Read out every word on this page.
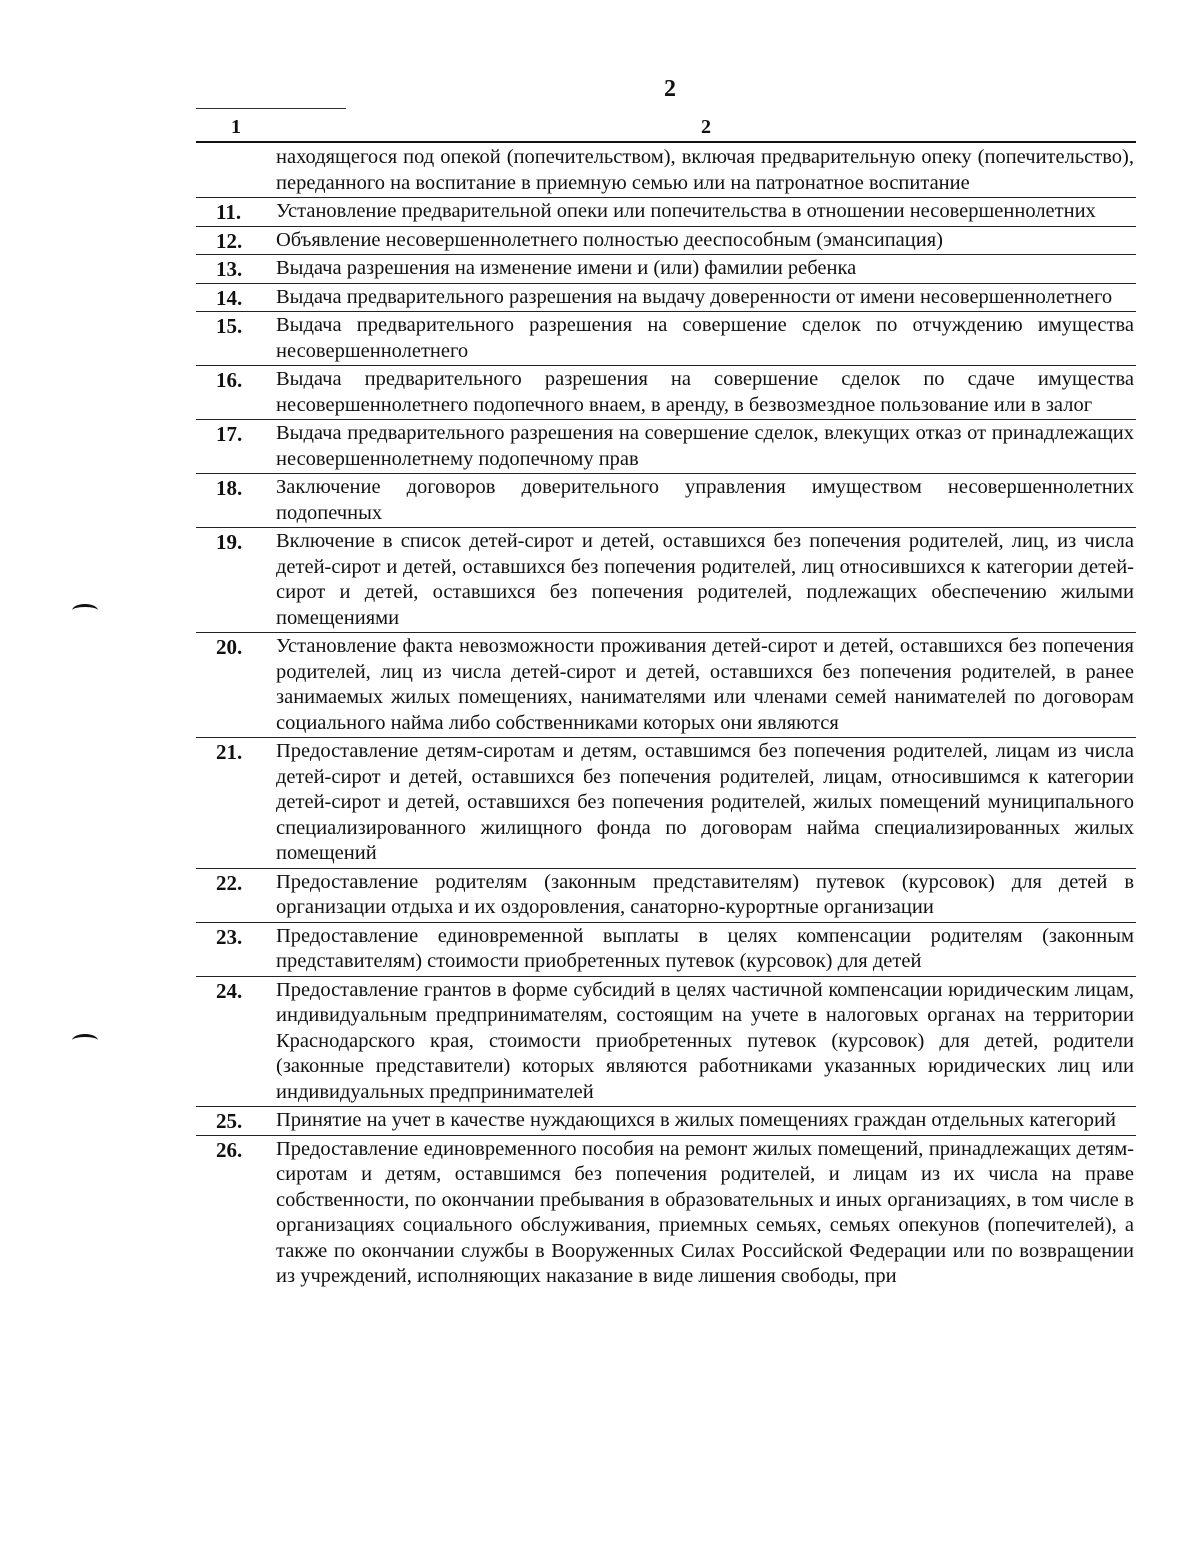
2
1	2
находящегося под опекой (попечительством), включая предварительную опеку (попечительство), переданного на воспитание в приемную семью или на патронатное воспитание
11.	Установление предварительной опеки или попечительства в отношении несовершеннолетних
12.	Объявление несовершеннолетнего полностью дееспособным (эмансипация)
13.	Выдача разрешения на изменение имени и (или) фамилии ребенка
14.	Выдача предварительного разрешения на выдачу доверенности от имени несовершеннолетнего
15.	Выдача предварительного разрешения на совершение сделок по отчуждению имущества несовершеннолетнего
16.	Выдача предварительного разрешения на совершение сделок по сдаче имущества несовершеннолетнего подопечного внаем, в аренду, в безвозмездное пользование или в залог
17.	Выдача предварительного разрешения на совершение сделок, влекущих отказ от принадлежащих несовершеннолетнему подопечному прав
18.	Заключение договоров доверительного управления имуществом несовершеннолетних подопечных
19.	Включение в список детей-сирот и детей, оставшихся без попечения родителей, лиц, из числа детей-сирот и детей, оставшихся без попечения родителей, лиц относившихся к категории детей-сирот и детей, оставшихся без попечения родителей, подлежащих обеспечению жилыми помещениями
20.	Установление факта невозможности проживания детей-сирот и детей, оставшихся без попечения родителей, лиц из числа детей-сирот и детей, оставшихся без попечения родителей, в ранее занимаемых жилых помещениях, нанимателями или членами семей нанимателей по договорам социального найма либо собственниками которых они являются
21.	Предоставление детям-сиротам и детям, оставшимся без попечения родителей, лицам из числа детей-сирот и детей, оставшихся без попечения родителей, лицам, относившимся к категории детей-сирот и детей, оставшихся без попечения родителей, жилых помещений муниципального специализированного жилищного фонда по договорам найма специализированных жилых помещений
22.	Предоставление родителям (законным представителям) путевок (курсовок) для детей в организации отдыха и их оздоровления, санаторно-курортные организации
23.	Предоставление единовременной выплаты в целях компенсации родителям (законным представителям) стоимости приобретенных путевок (курсовок) для детей
24.	Предоставление грантов в форме субсидий в целях частичной компенсации юридическим лицам, индивидуальным предпринимателям, состоящим на учете в налоговых органах на территории Краснодарского края, стоимости приобретенных путевок (курсовок) для детей, родители (законные представители) которых являются работниками указанных юридических лиц или индивидуальных предпринимателей
25.	Принятие на учет в качестве нуждающихся в жилых помещениях граждан отдельных категорий
26.	Предоставление единовременного пособия на ремонт жилых помещений, принадлежащих детям-сиротам и детям, оставшимся без попечения родителей, и лицам из их числа на праве собственности, по окончании пребывания в образовательных и иных организациях, в том числе в организациях социального обслуживания, приемных семьях, семьях опекунов (попечителей), а также по окончании службы в Вооруженных Силах Российской Федерации или по возвращении из учреждений, исполняющих наказание в виде лишения свободы, при
